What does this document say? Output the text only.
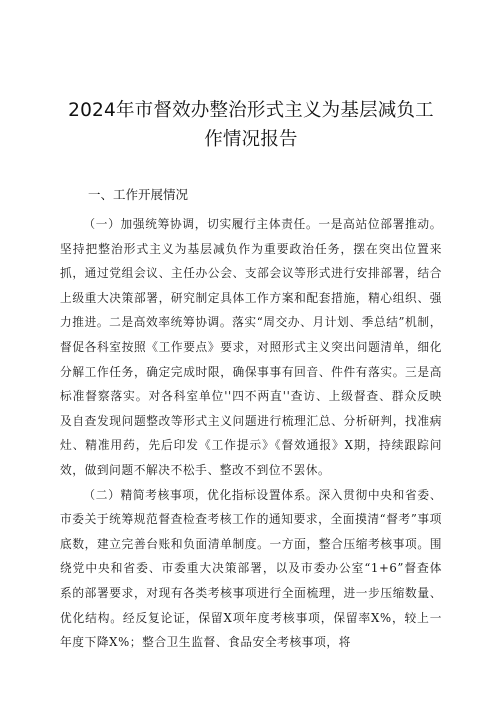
2024年市督效办整治形式主义为基层减负工
作情况报告
一、工作开展情况

（一）加强统筹协调，切实履行主体责任。一是高站位部署推动。坚持把整治形式主义为基层减负作为重要政治任务，摆在突出位置来抓，通过党组会议、主任办公会、支部会议等形式进行安排部署，结合上级重大决策部署，研究制定具体工作方案和配套措施，精心组织、强力推进。二是高效率统筹协调。落实“周交办、月计划、季总结”机制，督促各科室按照《工作要点》要求，对照形式主义突出问题清单，细化分解工作任务，确定完成时限，确保事事有回音、件件有落实。三是高标准督察落实。对各科室单位''四不两直''查访、上级督查、群众反映及自查发现问题整改等形式主义问题进行梳理汇总、分析研判，找准病灶、精准用药，先后印发《工作提示》《督效通报》X期，持续跟踪问效，做到问题不解决不松手、整改不到位不罢休。

（二）精简考核事项，优化指标设置体系。深入贯彻中央和省委、市委关于统筹规范督查检查考核工作的通知要求，全面摸清“督考”事项底数，建立完善台账和负面清单制度。一方面，整合压缩考核事项。围绕党中央和省委、市委重大决策部署，以及市委办公室“1+6”督查体系的部署要求，对现有各类考核事项进行全面梳理，进一步压缩数量、优化结构。经反复论证，保留X项年度考核事项，保留率X%，较上一年度下降X%；整合卫生监督、食品安全考核事项，将
